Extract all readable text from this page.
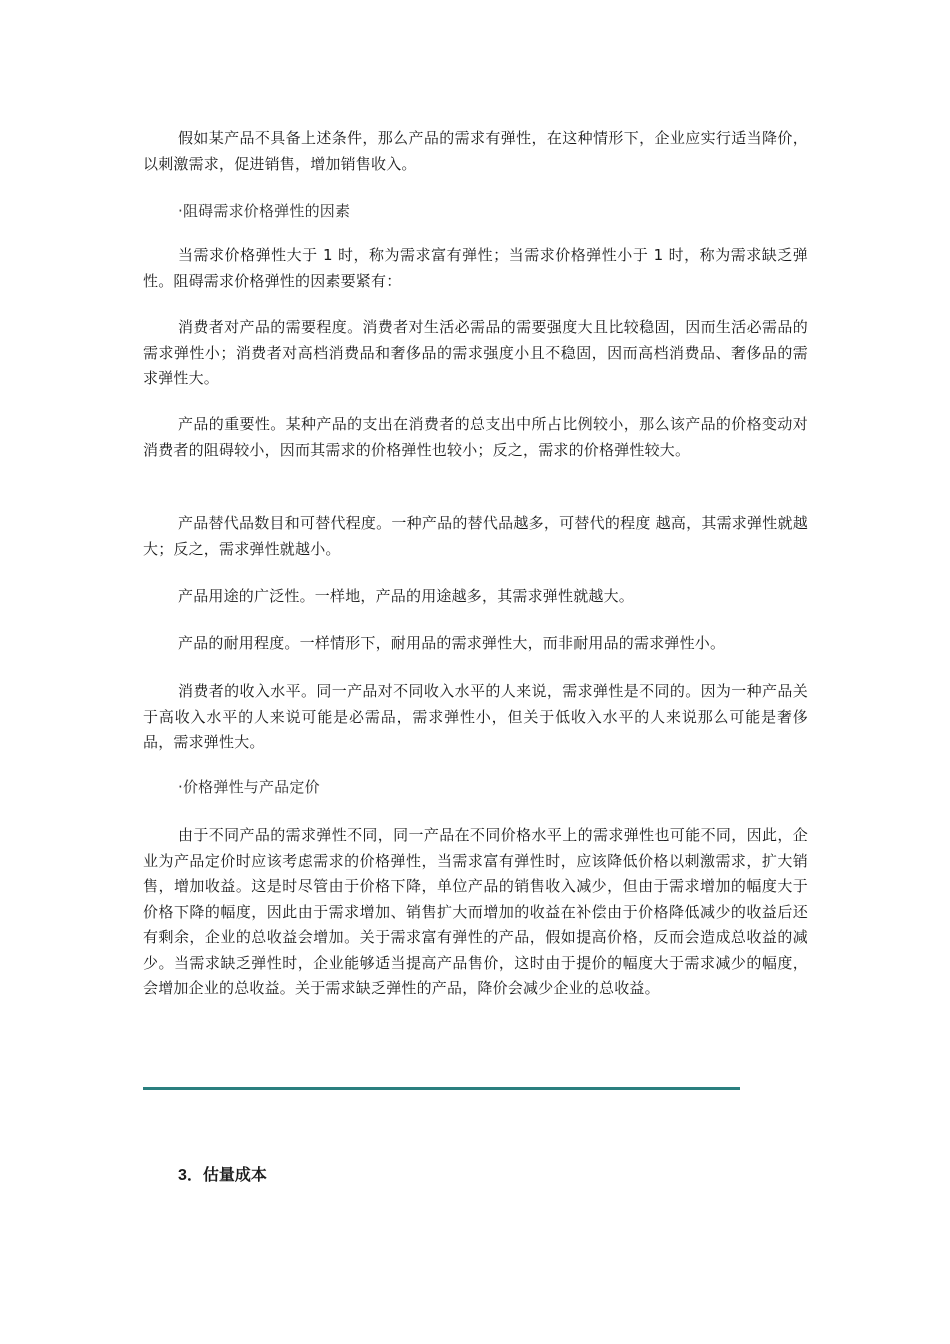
假如某产品不具备上述条件，那么产品的需求有弹性，在这种情形下，企业应实行适当降价，以刺激需求，促进销售，增加销售收入。

·阻碍需求价格弹性的因素

当需求价格弹性大于 1 时，称为需求富有弹性；当需求价格弹性小于 1 时，称为需求缺乏弹性。阻碍需求价格弹性的因素要紧有：

消费者对产品的需要程度。消费者对生活必需品的需要强度大且比较稳固，因而生活必需品的需求弹性小；消费者对高档消费品和奢侈品的需求强度小且不稳固，因而高档消费品、奢侈品的需求弹性大。

产品的重要性。某种产品的支出在消费者的总支出中所占比例较小，那么该产品的价格变动对消费者的阻碍较小，因而其需求的价格弹性也较小；反之，需求的价格弹性较大。

产品替代品数目和可替代程度。一种产品的替代品越多，可替代的程度 越高，其需求弹性就越大；反之，需求弹性就越小。

产品用途的广泛性。一样地，产品的用途越多，其需求弹性就越大。

产品的耐用程度。一样情形下，耐用品的需求弹性大，而非耐用品的需求弹性小。

消费者的收入水平。同一产品对不同收入水平的人来说，需求弹性是不同的。因为一种产品关于高收入水平的人来说可能是必需品，需求弹性小，但关于低收入水平的人来说那么可能是奢侈品，需求弹性大。

·价格弹性与产品定价

由于不同产品的需求弹性不同，同一产品在不同价格水平上的需求弹性也可能不同，因此，企业为产品定价时应该考虑需求的价格弹性，当需求富有弹性时，应该降低价格以刺激需求，扩大销售，增加收益。这是时尽管由于价格下降，单位产品的销售收入减少，但由于需求增加的幅度大于价格下降的幅度，因此由于需求增加、销售扩大而增加的收益在补偿由于价格降低减少的收益后还有剩余，企业的总收益会增加。关于需求富有弹性的产品，假如提高价格，反而会造成总收益的减少。当需求缺乏弹性时，企业能够适当提高产品售价，这时由于提价的幅度大于需求减少的幅度，会增加企业的总收益。关于需求缺乏弹性的产品，降价会减少企业的总收益。

3．估量成本
